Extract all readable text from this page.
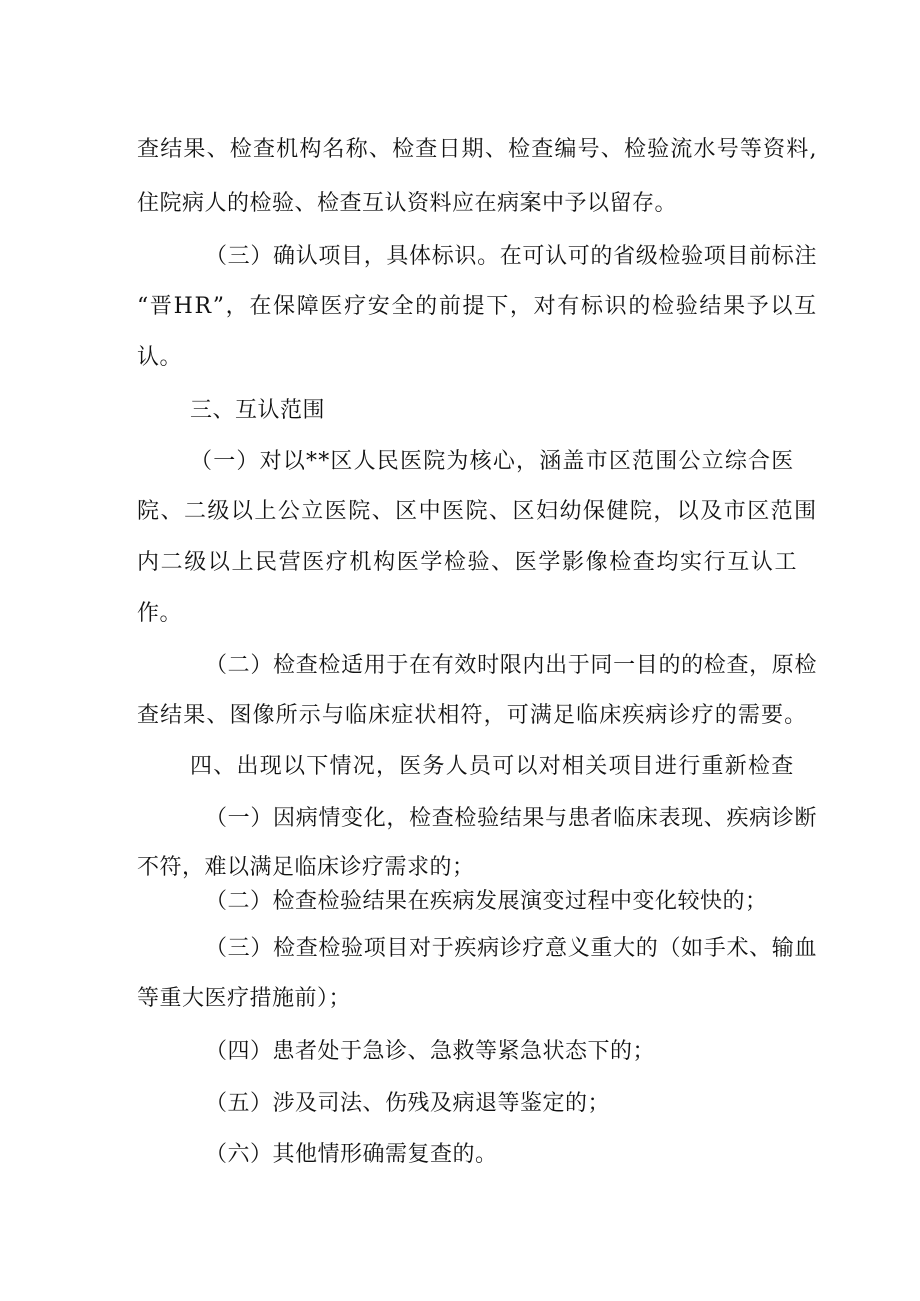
查 结 果 、 检 查 机 构 名 称 、 检 查 日 期 、 检 查 编 号 、 检 验 流 水 号 等 资 料 ,
住院病人的检验、检查互认资料应在病案中予以留存。
（ 三 ） 确 认 项 目 ， 具 体 标 识 。 在 可 认 可 的 省 级 检 验 项 目 前 标 注
“ 晋 H R ” ， 在 保 障 医 疗 安 全 的 前 提 下 ， 对 有 标 识 的 检 验 结 果 予 以 互
认。
三、互认范围
（ 一 ） 对 以 * * 区 人 民 医 院 为 核 心 ， 涵 盖 市 区 范 围 公 立 综 合 医
院 、 二 级 以 上 公 立 医 院 、 区 中 医 院 、 区 妇 幼 保 健 院 ， 以 及 市 区 范 围
内 二 级 以 上 民 营 医 疗 机 构 医 学 检 验 、 医 学 影 像 检 查 均 实 行 互 认 工
作。
（ 二 ） 检 查 检 适 用 于 在 有 效 时 限 内 出 于 同 一 目 的 的 检 查 ， 原 检
查 结 果 、 图 像 所 示 与 临 床 症 状 相 符 ， 可 满 足 临 床 疾 病 诊 疗 的 需 要 。
四 、 出 现 以 下 情 况 ， 医 务 人 员 可 以 对 相 关 项 目 进 行 重 新 检 查
（ 一 ） 因 病 情 变 化 ， 检 查 检 验 结 果 与 患 者 临 床 表 现 、 疾 病 诊 断
不符，难以满足临床诊疗需求的；
（二）检查检验结果在疾病发展演变过程中变化较快的；
（ 三 ） 检 查 检 验 项 目 对 于 疾 病 诊 疗 意 义 重 大 的 （ 如 手 术 、 输 血
等重大医疗措施前）；
（四）患者处于急诊、急救等紧急状态下的；
（五）涉及司法、伤残及病退等鉴定的；
（六）其他情形确需复查的。
